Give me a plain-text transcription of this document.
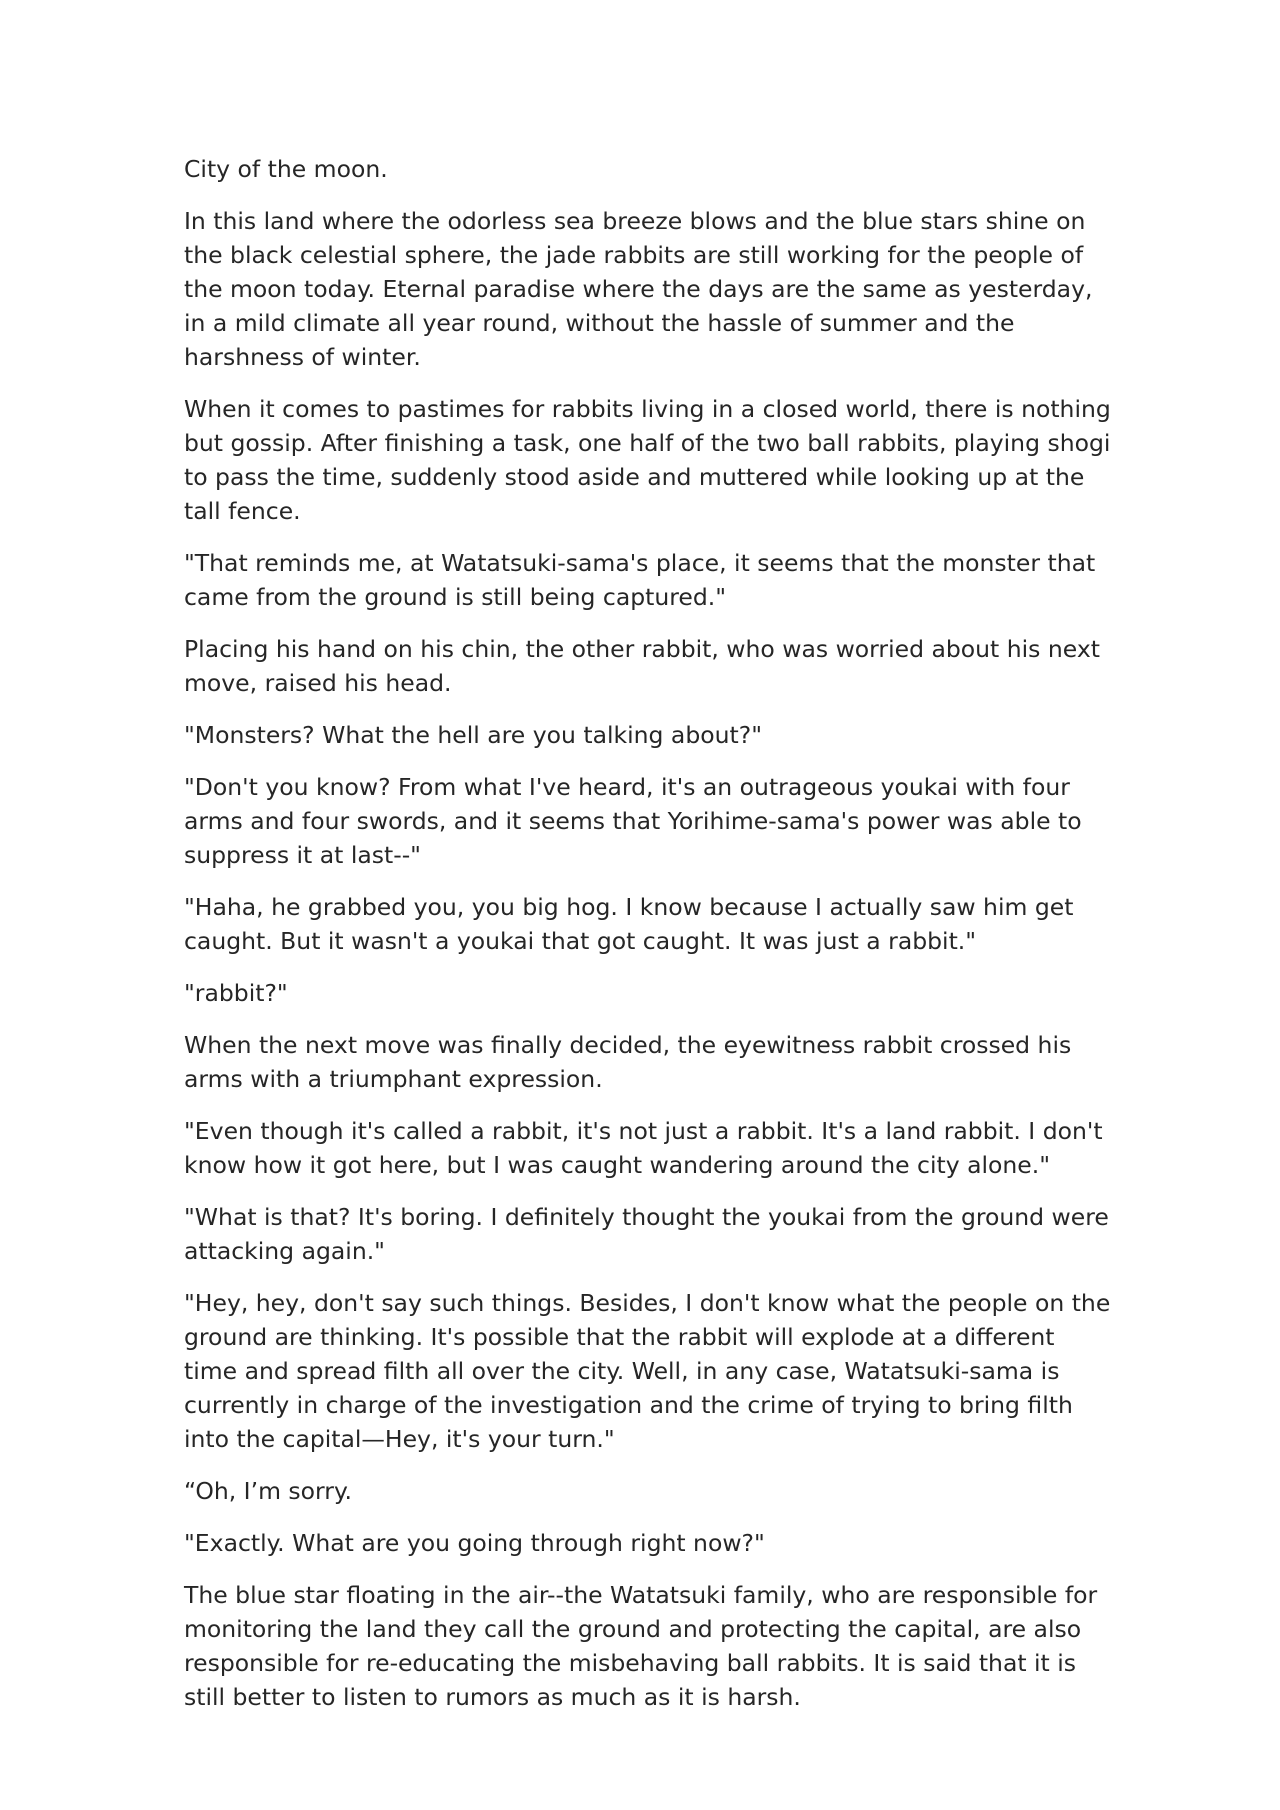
City of the moon.

In this land where the odorless sea breeze blows and the blue stars shine on the black celestial sphere, the jade rabbits are still working for the people of the moon today. Eternal paradise where the days are the same as yesterday, in a mild climate all year round, without the hassle of summer and the harshness of winter.

When it comes to pastimes for rabbits living in a closed world, there is nothing but gossip. After finishing a task, one half of the two ball rabbits, playing shogi to pass the time, suddenly stood aside and muttered while looking up at the tall fence.

"That reminds me, at Watatsuki-sama's place, it seems that the monster that came from the ground is still being captured."

Placing his hand on his chin, the other rabbit, who was worried about his next move, raised his head.

"Monsters? What the hell are you talking about?"

"Don't you know? From what I've heard, it's an outrageous youkai with four arms and four swords, and it seems that Yorihime-sama's power was able to suppress it at last--"

"Haha, he grabbed you, you big hog. I know because I actually saw him get caught. But it wasn't a youkai that got caught. It was just a rabbit."

"rabbit?"

When the next move was finally decided, the eyewitness rabbit crossed his arms with a triumphant expression.

"Even though it's called a rabbit, it's not just a rabbit. It's a land rabbit. I don't know how it got here, but I was caught wandering around the city alone."

"What is that? It's boring. I definitely thought the youkai from the ground were attacking again."

"Hey, hey, don't say such things. Besides, I don't know what the people on the ground are thinking. It's possible that the rabbit will explode at a different time and spread filth all over the city. Well, in any case, Watatsuki-sama is currently in charge of the investigation and the crime of trying to bring filth into the capital—Hey, it's your turn."

“Oh, I’m sorry.

"Exactly. What are you going through right now?"

The blue star floating in the air--the Watatsuki family, who are responsible for monitoring the land they call the ground and protecting the capital, are also responsible for re-educating the misbehaving ball rabbits. It is said that it is still better to listen to rumors as much as it is harsh.
